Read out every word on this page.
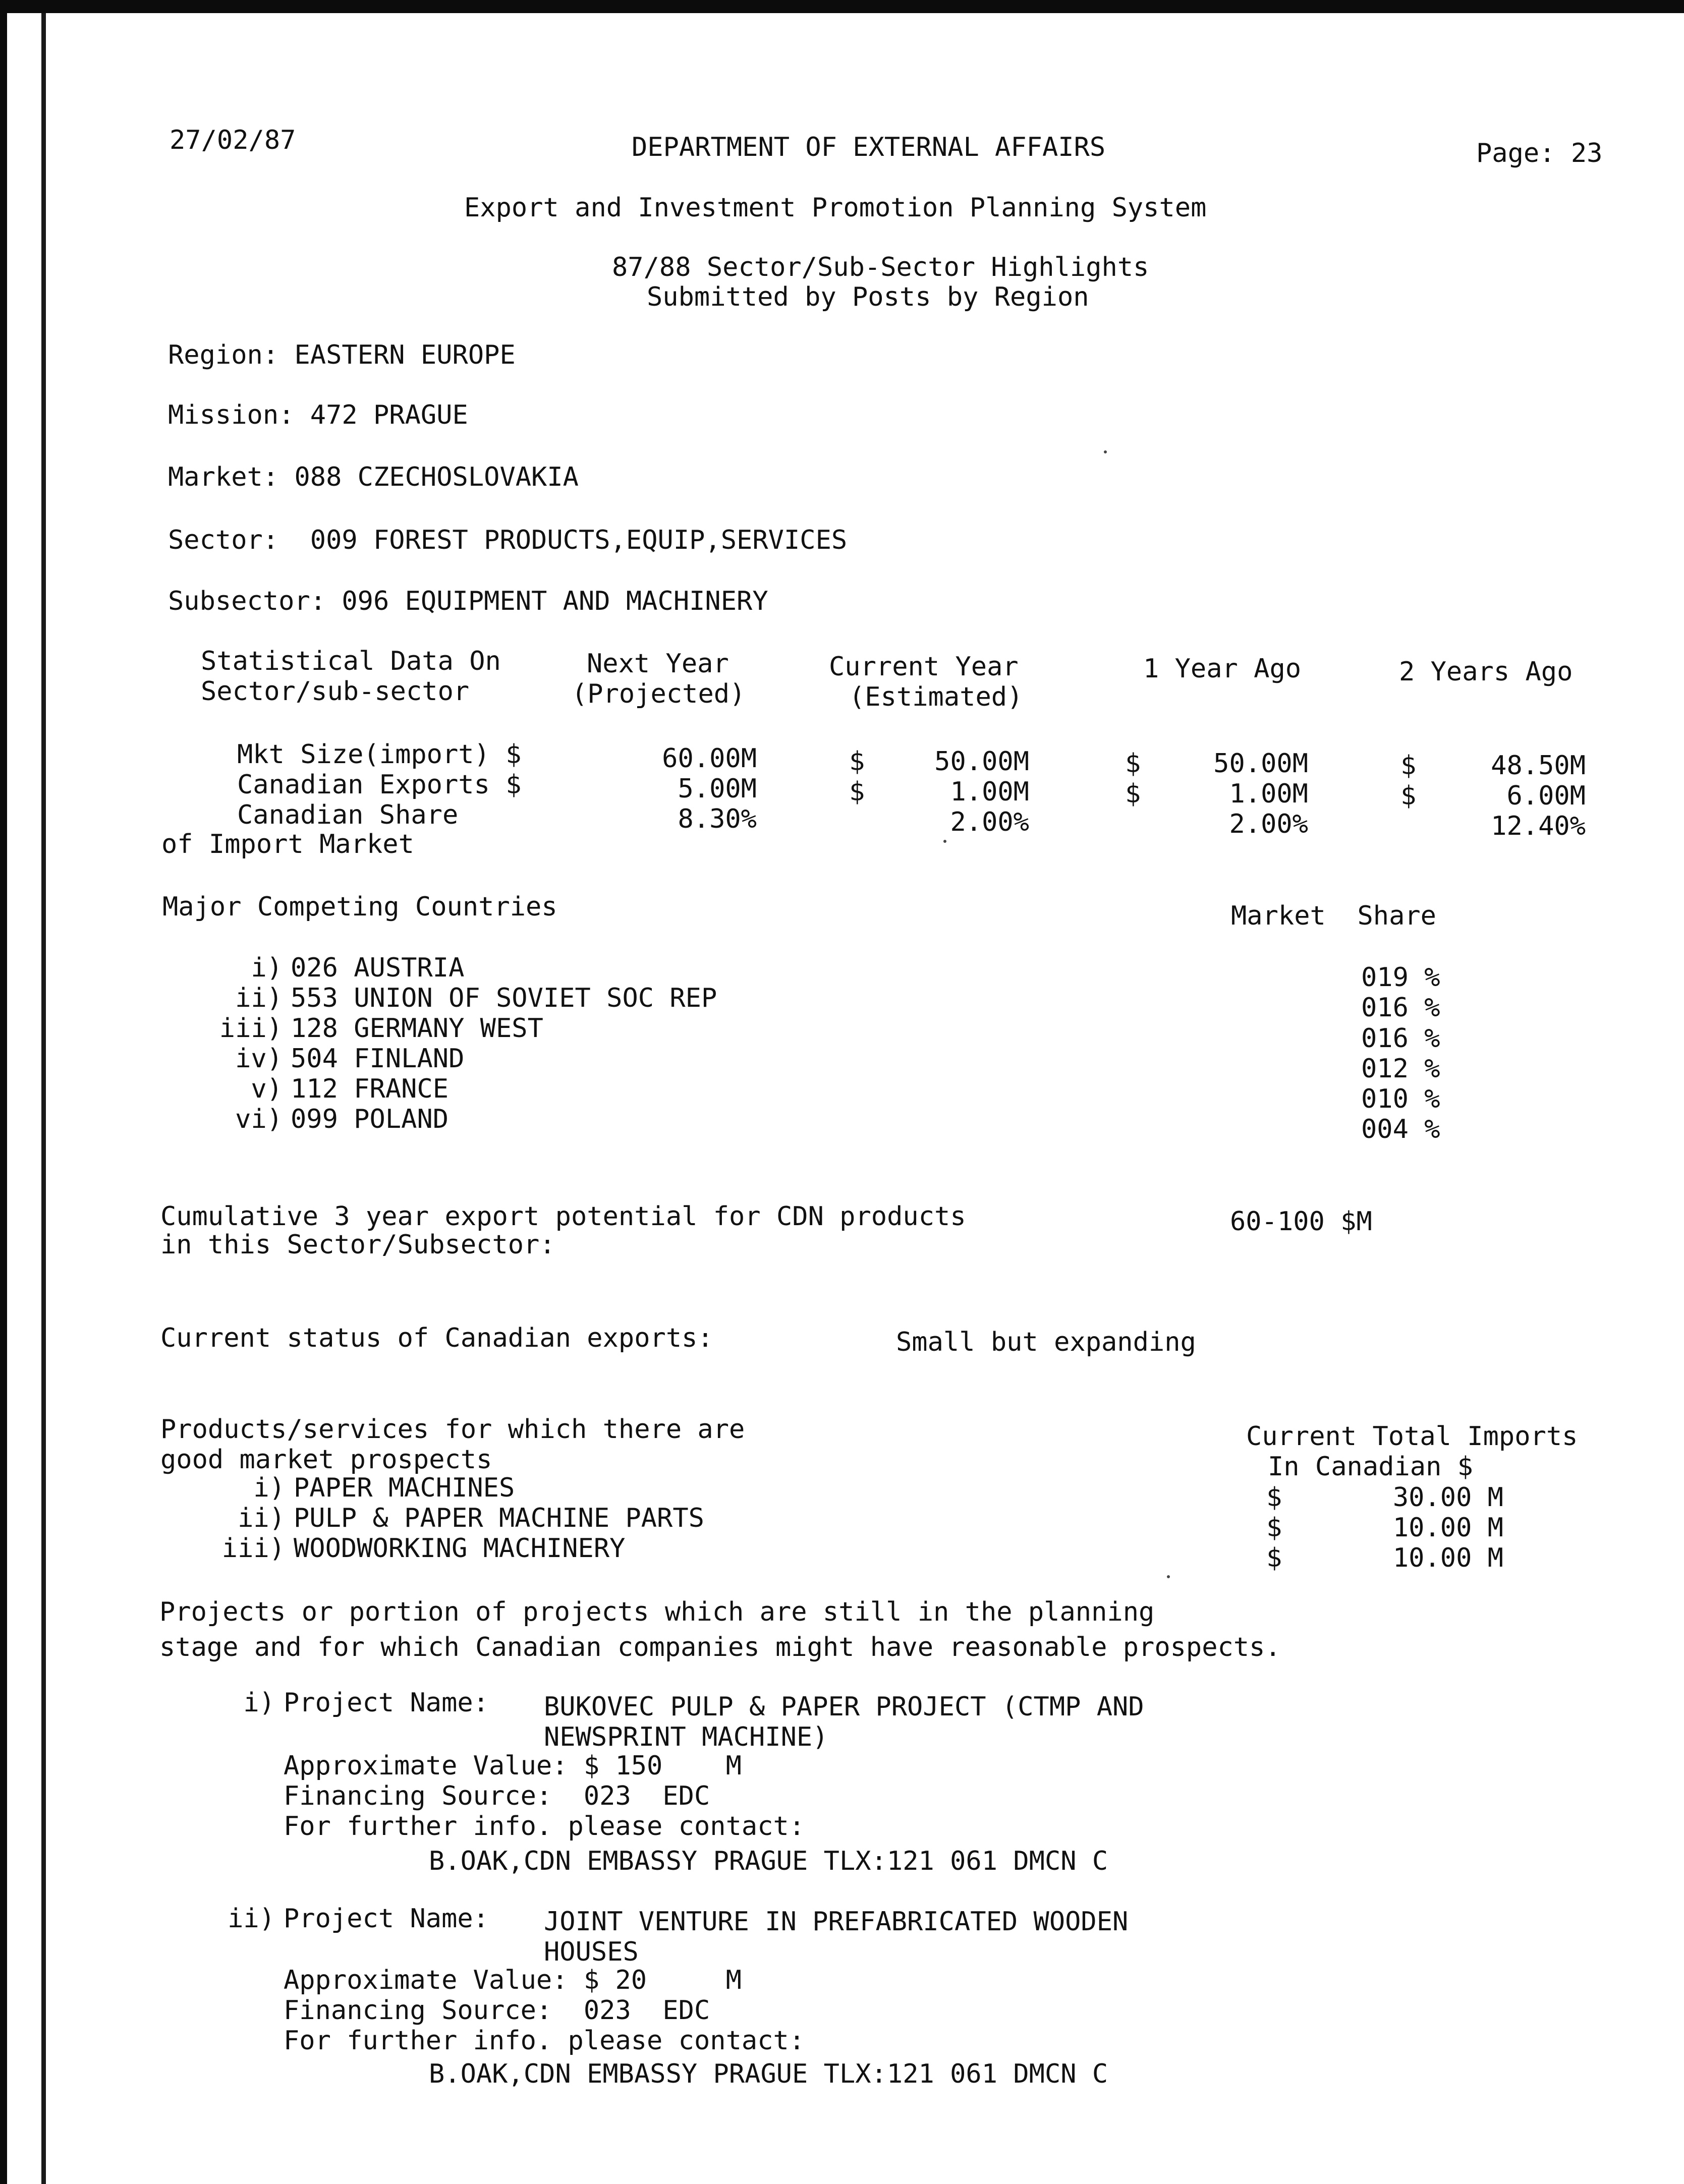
27/02/87	DEPARTMENT OF EXTERNAL AFFAIRS	Page: 23
Export and Investment Promotion Planning System
87/88 Sector/Sub-Sector Highlights
Submitted by Posts by Region
Region: EASTERN EUROPE
Mission: 472 PRAGUE
Market: 088 CZECHOSLOVAKIA
Sector:  009 FOREST PRODUCTS,EQUIP,SERVICES
Subsector: 096 EQUIPMENT AND MACHINERY
Statistical Data On
Sector/sub-sector
Next Year
(Projected)
Current Year
(Estimated)
1 Year Ago	2 Years Ago
Mkt Size(import) $	60.00M	$	50.00M	$	50.00M	$	48.50M
Canadian Exports $	5.00M	$	1.00M	$	1.00M	$	6.00M
Canadian Share	8.30%	2.00%	2.00%	12.40%
of Import Market
Major Competing Countries	Market  Share
i) 026 AUSTRIA	019 %
ii) 553 UNION OF SOVIET SOC REP	016 %
iii) 128 GERMANY WEST	016 %
iv) 504 FINLAND	012 %
v) 112 FRANCE	010 %
vi) 099 POLAND	004 %
Cumulative 3 year export potential for CDN products
in this Sector/Subsector:
60-100 $M
Current status of Canadian exports:	Small but expanding
Products/services for which there are
good market prospects
Current Total Imports
In Canadian $
i) PAPER MACHINES	$	30.00 M
ii) PULP & PAPER MACHINE PARTS	$	10.00 M
iii) WOODWORKING MACHINERY	$	10.00 M
Projects or portion of projects which are still in the planning
stage and for which Canadian companies might have reasonable prospects.
i) Project Name: BUKOVEC PULP & PAPER PROJECT (CTMP AND
NEWSPRINT MACHINE)
Approximate Value: $ 150    M
Financing Source:  023  EDC
For further info. please contact:
B.OAK,CDN EMBASSY PRAGUE TLX:121 061 DMCN C
ii) Project Name: JOINT VENTURE IN PREFABRICATED WOODEN
HOUSES
Approximate Value: $ 20     M
Financing Source:  023  EDC
For further info. please contact:
B.OAK,CDN EMBASSY PRAGUE TLX:121 061 DMCN C
